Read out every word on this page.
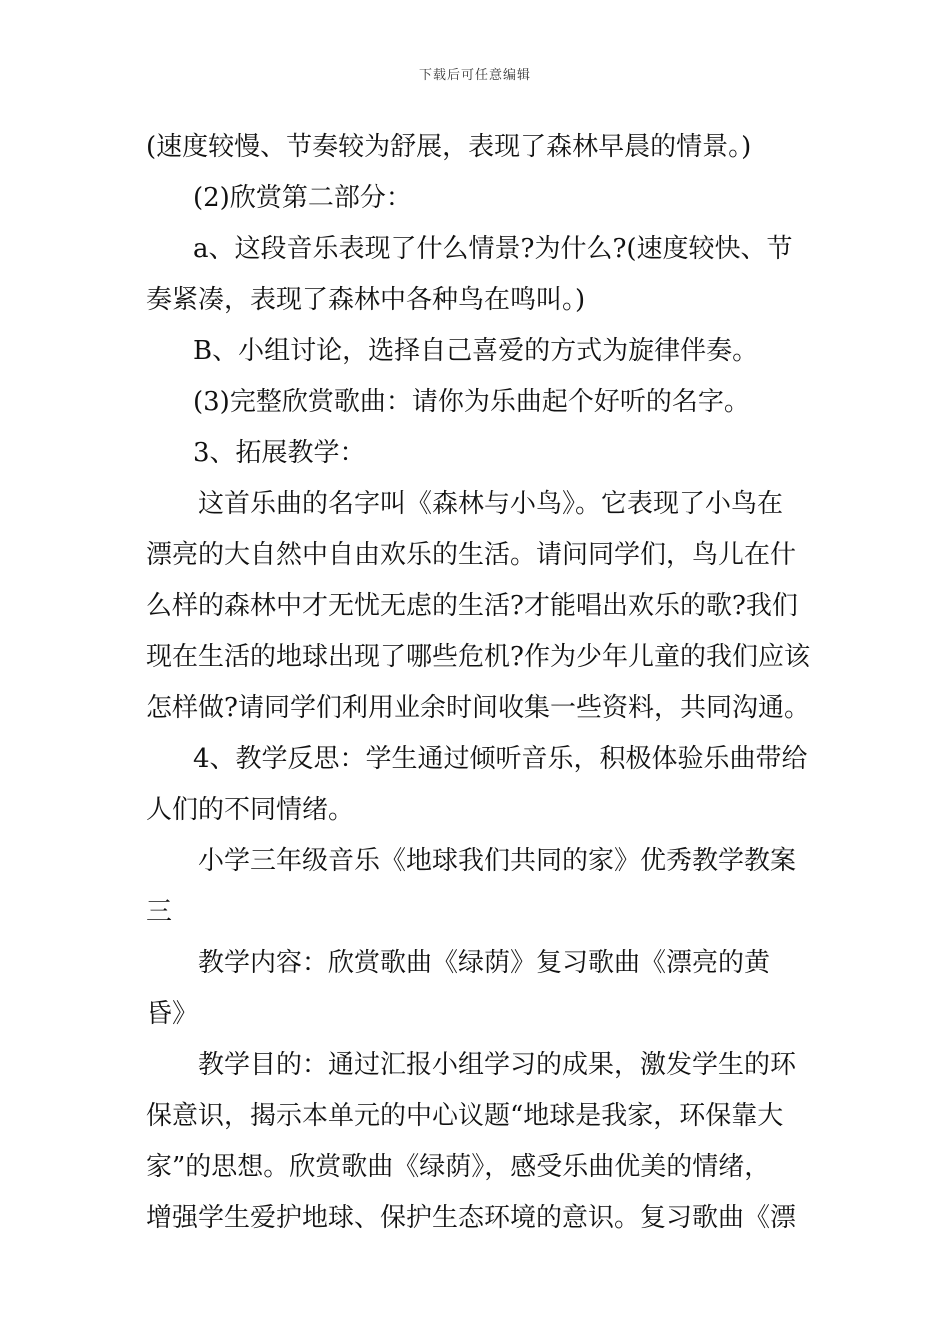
下载后可任意编辑
(速度较慢、节奏较为舒展，表现了森林早晨的情景。)
(2)欣赏第二部分：
a、这段音乐表现了什么情景?为什么?(速度较快、节
奏紧凑，表现了森林中各种鸟在鸣叫。)
B、小组讨论，选择自己喜爱的方式为旋律伴奏。
(3)完整欣赏歌曲：请你为乐曲起个好听的名字。
3、拓展教学：
这首乐曲的名字叫《森林与小鸟》。它表现了小鸟在
漂亮的大自然中自由欢乐的生活。请问同学们，鸟儿在什
么样的森林中才无忧无虑的生活?才能唱出欢乐的歌?我们
现在生活的地球出现了哪些危机?作为少年儿童的我们应该
怎样做?请同学们利用业余时间收集一些资料，共同沟通。
4、教学反思：学生通过倾听音乐，积极体验乐曲带给
人们的不同情绪。
小学三年级音乐《地球我们共同的家》优秀教学教案
三
教学内容：欣赏歌曲《绿荫》复习歌曲《漂亮的黄
昏》
教学目的：通过汇报小组学习的成果，激发学生的环
保意识，揭示本单元的中心议题“地球是我家，环保靠大
家”的思想。欣赏歌曲《绿荫》，感受乐曲优美的情绪，
增强学生爱护地球、保护生态环境的意识。复习歌曲《漂
